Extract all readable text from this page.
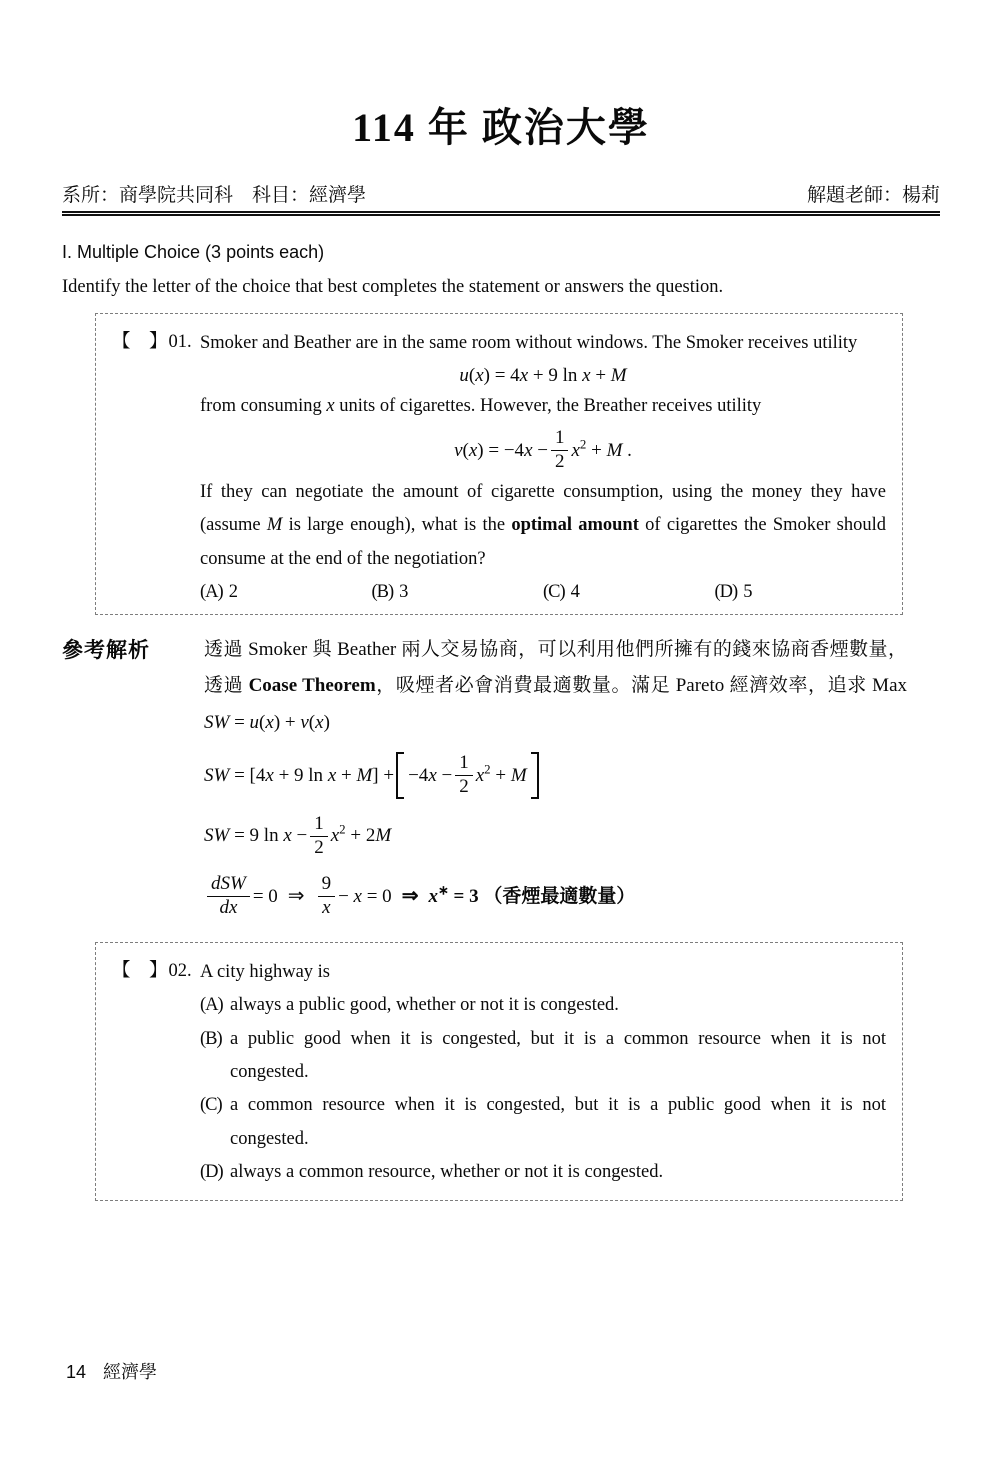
114 年 政治大學
系所：商學院共同科　科目：經濟學	解題老師：楊莉
I. Multiple Choice (3 points each)
Identify the letter of the choice that best completes the statement or answers the question.
【　】01. Smoker and Beather are in the same room without windows. The Smoker receives utility
u(x) = 4x + 9 ln x + M
from consuming x units of cigarettes. However, the Breather receives utility
$v(x) = -4x - \frac{1}{2} x^2 + M$ .
If they can negotiate the amount of cigarette consumption, using the money they have (assume M is large enough), what is the optimal amount of cigarettes the Smoker should consume at the end of the negotiation?
(A) 2	(B) 3	(C) 4	(D) 5
參考解析	透過 Smoker 與 Beather 兩人交易協商，可以利用他們所擁有的錢來協商香煙數量，透過 Coase Theorem，吸煙者必會消費最適數量。滿足 Pareto 經濟效率，追求 Max　SW = u(x) + v(x)
SW = [4x + 9 $\ln x + M] + -4x - \frac{1}{2} x^2 + M$
SW = 9 $\ln x - \frac{1}{2} x^2 + 2M$
$\frac{\text{dSW}}{dx} = 0$ ⇒ $\frac{9}{x} - x = 0$ ⇒ x∗ = 3 （香煙最適數量）
【　】02. A city highway is
(A) always a public good, whether or not it is congested.
(B) a public good when it is congested, but it is a common resource when it is not congested.
(C) a common resource when it is congested, but it is a public good when it is not congested.
(D) always a common resource, whether or not it is congested.
14 經濟學
